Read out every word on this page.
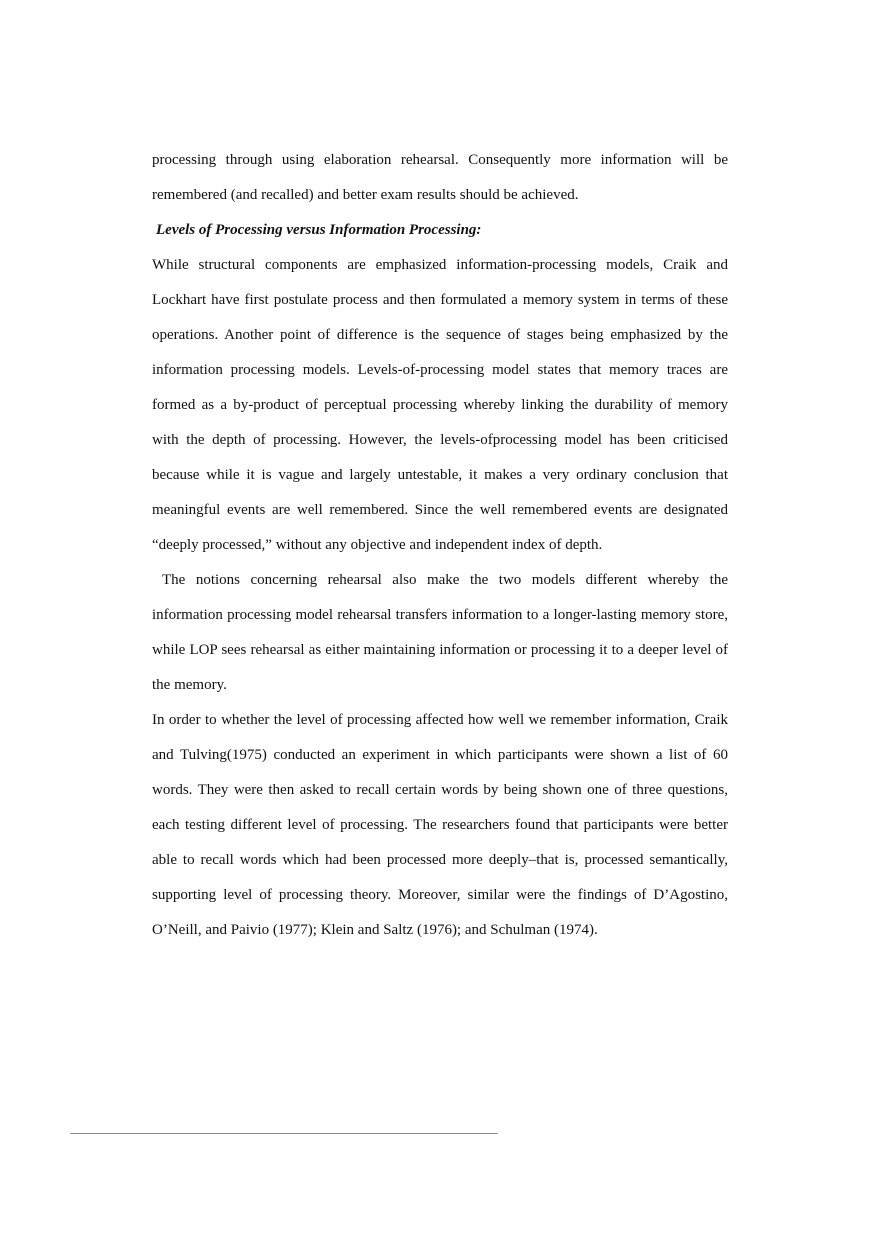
processing through using elaboration rehearsal. Consequently more information will be remembered (and recalled) and better exam results should be achieved.

Levels of Processing versus Information Processing:

While structural components are emphasized information-processing models, Craik and Lockhart have first postulate process and then formulated a memory system in terms of these operations. Another point of difference is the sequence of stages being emphasized by the information processing models. Levels-of-processing model states that memory traces are formed as a by-product of perceptual processing whereby linking the durability of memory with the depth of processing. However, the levels-ofprocessing model has been criticised because while it is vague and largely untestable, it makes a very ordinary conclusion that meaningful events are well remembered. Since the well remembered events are designated “deeply processed,” without any objective and independent index of depth.

The notions concerning rehearsal also make the two models different whereby the information processing model rehearsal transfers information to a longer-lasting memory store, while LOP sees rehearsal as either maintaining information or processing it to a deeper level of the memory.

In order to whether the level of processing affected how well we remember information, Craik and Tulving(1975) conducted an experiment in which participants were shown a list of 60 words. They were then asked to recall certain words by being shown one of three questions, each testing different level of processing. The researchers found that participants were better able to recall words which had been processed more deeply–that is, processed semantically, supporting level of processing theory. Moreover, similar were the findings of D’Agostino, O’Neill, and Paivio (1977); Klein and Saltz (1976); and Schulman (1974).
